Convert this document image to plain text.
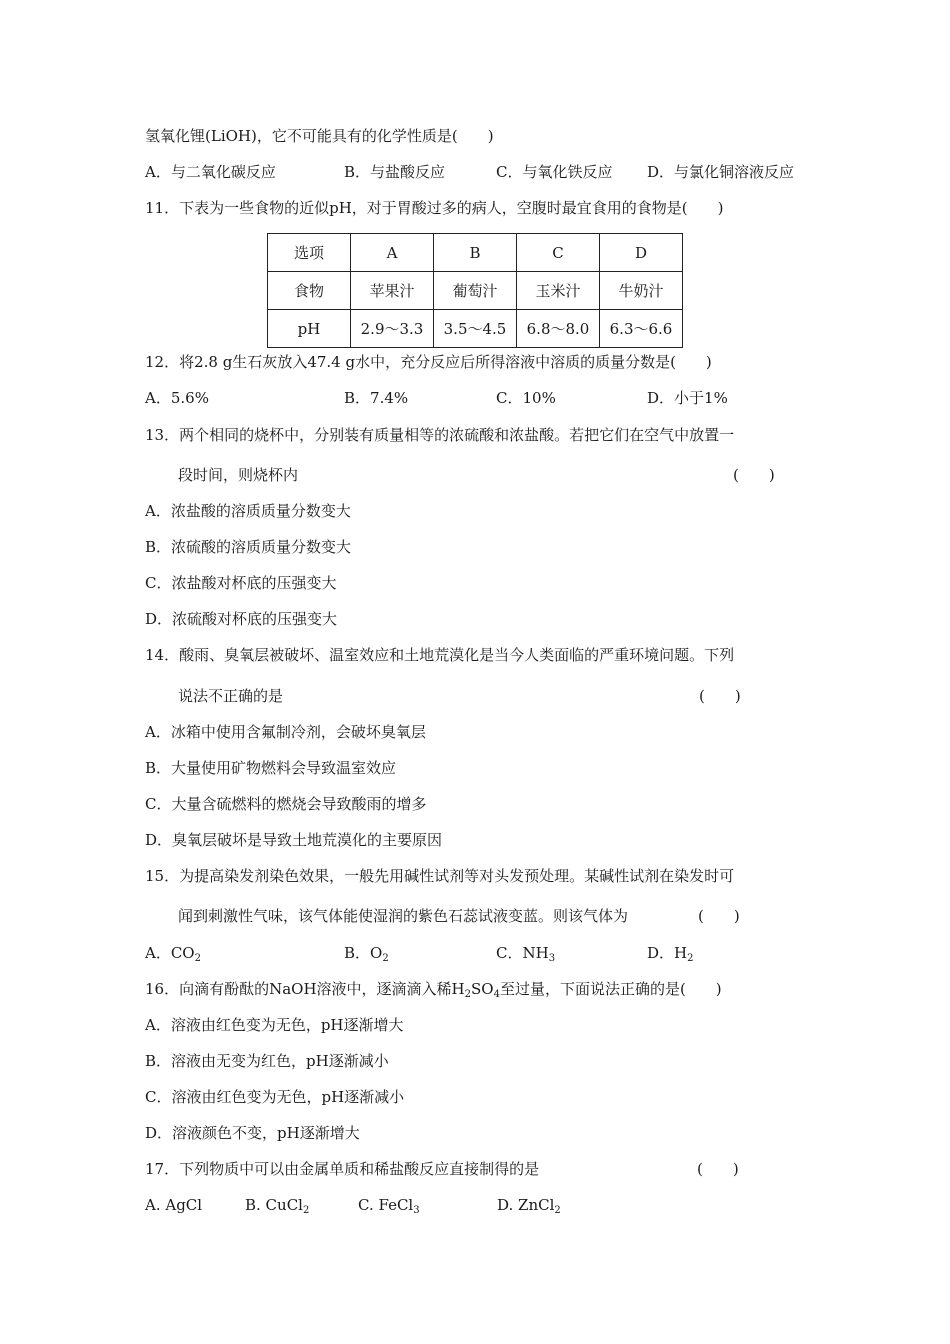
氢氧化锂(LiOH)，它不可能具有的化学性质是(　　)
A．与二氧化碳反应	B．与盐酸反应	C．与氧化铁反应 D．与氯化铜溶液反应
11．下表为一些食物的近似pH，对于胃酸过多的病人，空腹时最宜食用的食物是(　　)
选项	A	B	C	D
食物	苹果汁	葡萄汁	玉米汁	牛奶汁
pH	2.9～3.3	3.5～4.5	6.8～8.0	6.3～6.6
12．将2.8 g生石灰放入47.4 g水中，充分反应后所得溶液中溶质的质量分数是(　　)
A．5.6%	B．7.4%	C．10%	D．小于1%
13．两个相同的烧杯中，分别装有质量相等的浓硫酸和浓盐酸。若把它们在空气中放置一
段时间，则烧杯内	(　　)
A．浓盐酸的溶质质量分数变大
B．浓硫酸的溶质质量分数变大
C．浓盐酸对杯底的压强变大
D．浓硫酸对杯底的压强变大
14．酸雨、臭氧层被破坏、温室效应和土地荒漠化是当今人类面临的严重环境问题。下列
说法不正确的是	(　　)
A．冰箱中使用含氟制冷剂，会破坏臭氧层
B．大量使用矿物燃料会导致温室效应
C．大量含硫燃料的燃烧会导致酸雨的增多
D．臭氧层破坏是导致土地荒漠化的主要原因
15．为提高染发剂染色效果，一般先用碱性试剂等对头发预处理。某碱性试剂在染发时可
闻到刺激性气味，该气体能使湿润的紫色石蕊试液变蓝。则该气体为	(　　)
A．$CO_2$	B．$O_2$	C．$NH_3$	D．$H_2$
16．向滴有酚酞的NaOH溶液中，逐滴滴入稀$H_2SO_4$至过量，下面说法正确的是(　　)
A．溶液由红色变为无色，pH逐渐增大
B．溶液由无变为红色，pH逐渐减小
C．溶液由红色变为无色，pH逐渐减小
D．溶液颜色不变，pH逐渐增大
17．下列物质中可以由金属单质和稀盐酸反应直接制得的是	(　　)
A. AgCl	B. CuCl$_2$	C. FeCl$_3$	D. ZnCl$_2$
